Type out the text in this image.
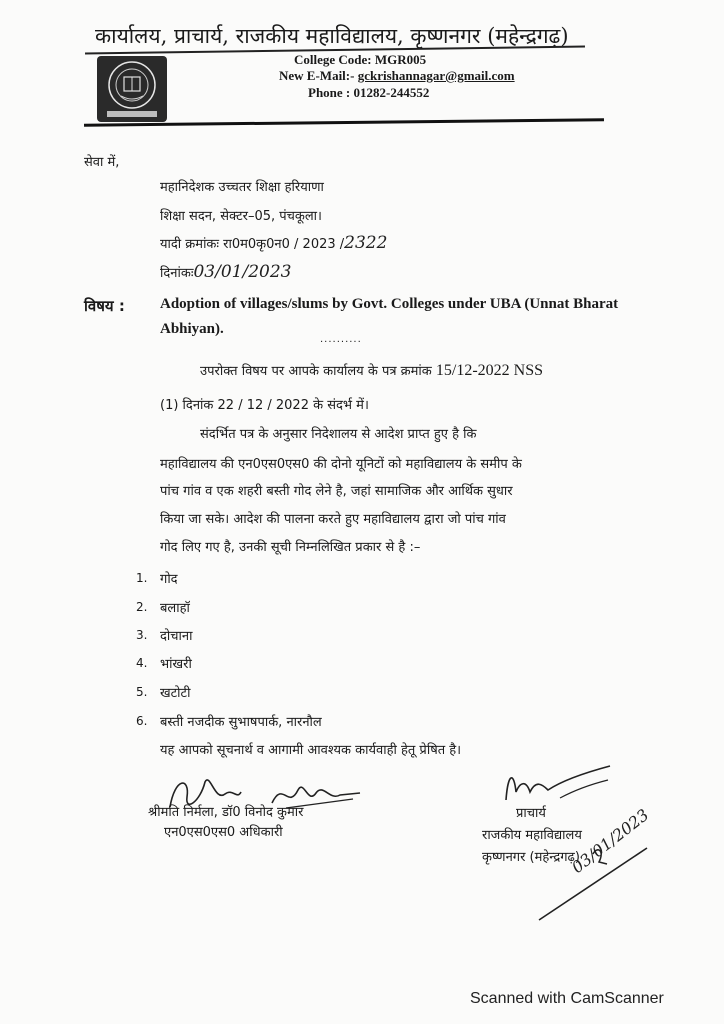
कार्यालय, प्राचार्य, राजकीय महाविद्यालय, कृष्णनगर (महेन्द्रगढ़)
College Code: MGR005
New E-Mail:- gckrishannagar@gmail.com
Phone : 01282-244552
सेवा में,
महानिदेशक उच्चतर शिक्षा हरियाणा
शिक्षा सदन, सेक्टर–05, पंचकूला।
यादी क्रमांकः रा0म0कृ0न0 / 2023 /2322
दिनांकः03/01/2023
विषय : Adoption of villages/slums by Govt. Colleges under UBA (Unnat Bharat Abhiyan).
..........
उपरोक्त विषय पर आपके कार्यालय के पत्र क्रमांक 15/12-2022 NSS
(1) दिनांक 22 / 12 / 2022 के संदर्भ में।
संदर्भित पत्र के अनुसार निदेशालय से आदेश प्राप्त हुए है कि
महाविद्यालय की एन0एस0एस0 की दोनो यूनिटों को महाविद्यालय के समीप के
पांच गांव व एक शहरी बस्ती गोद लेने है, जहां सामाजिक और आर्थिक सुधार
किया जा सके। आदेश की पालना करते हुए महाविद्यालय द्वारा जो पांच गांव
गोद लिए गए है, उनकी सूची निम्नलिखित प्रकार से है :–
1. गोद
2. बलाहॉ
3. दोचाना
4. भांखरी
5. खटोटी
6. बस्ती नजदीक सुभाषपार्क, नारनौल
यह आपको सूचनार्थ व आगामी आवश्यक कार्यवाही हेतू प्रेषित है।
श्रीमति निर्मला, डॉ0 विनोद कुमार
एन0एस0एस0 अधिकारी
प्राचार्य
राजकीय महाविद्यालय
कृष्णनगर (महेन्द्रगढ़)
03/01/2023
Scanned with CamScanner
